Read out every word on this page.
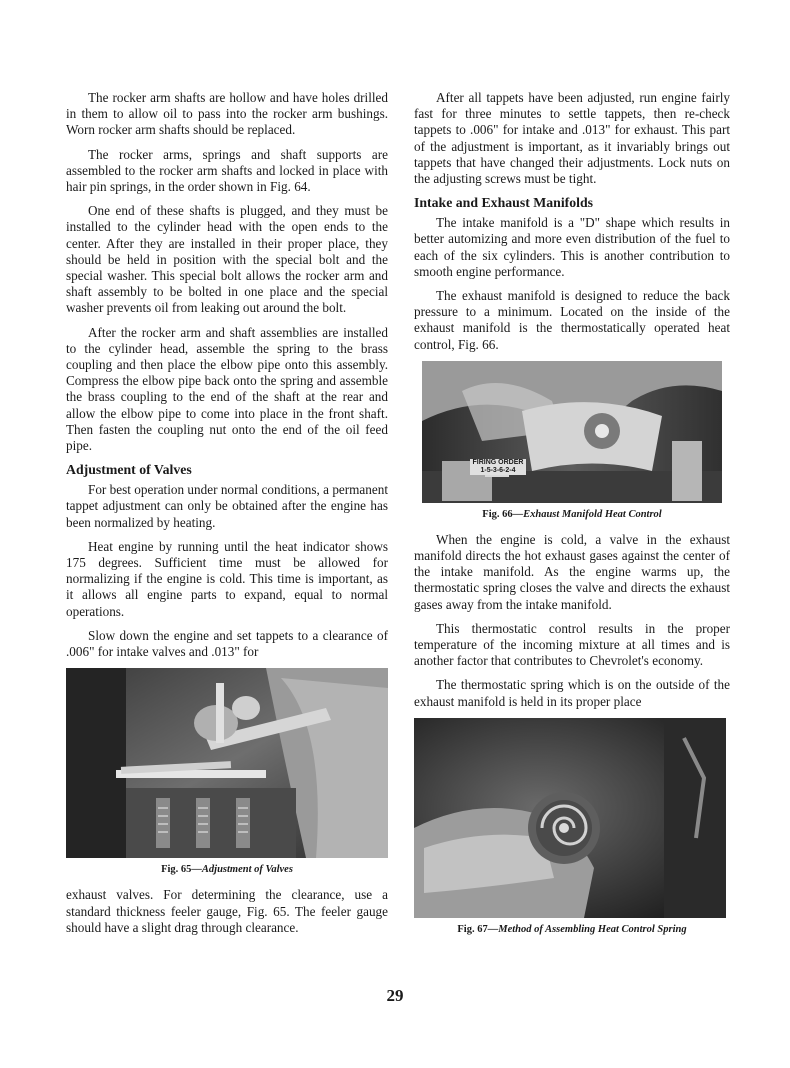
The rocker arm shafts are hollow and have holes drilled in them to allow oil to pass into the rocker arm bushings. Worn rocker arm shafts should be replaced.

The rocker arms, springs and shaft supports are assembled to the rocker arm shafts and locked in place with hair pin springs, in the order shown in Fig. 64.

One end of these shafts is plugged, and they must be installed to the cylinder head with the open ends to the center. After they are installed in their proper place, they should be held in position with the special bolt and the special washer. This special bolt allows the rocker arm and shaft assembly to be bolted in one place and the special washer prevents oil from leaking out around the bolt.

After the rocker arm and shaft assemblies are installed to the cylinder head, assemble the spring to the brass coupling and then place the elbow pipe onto this assembly. Compress the elbow pipe back onto the spring and assemble the brass coupling to the end of the shaft at the rear and allow the elbow pipe to come into place in the front shaft. Then fasten the coupling nut onto the end of the oil feed pipe.

Adjustment of Valves

For best operation under normal conditions, a permanent tappet adjustment can only be obtained after the engine has been normalized by heating.

Heat engine by running until the heat indicator shows 175 degrees. Sufficient time must be allowed for normalizing if the engine is cold. This time is important, as it allows all engine parts to expand, equal to normal operations.

Slow down the engine and set tappets to a clearance of .006" for intake valves and .013" for

Fig. 65—Adjustment of Valves

exhaust valves. For determining the clearance, use a standard thickness feeler gauge, Fig. 65. The feeler gauge should have a slight drag through clearance.

After all tappets have been adjusted, run engine fairly fast for three minutes to settle tappets, then re-check tappets to .006" for intake and .013" for exhaust. This part of the adjustment is important, as it invariably brings out tappets that have changed their adjustments. Lock nuts on the adjusting screws must be tight.

Intake and Exhaust Manifolds

The intake manifold is a "D" shape which results in better automizing and more even distribution of the fuel to each of the six cylinders. This is another contribution to smooth engine performance.

The exhaust manifold is designed to reduce the back pressure to a minimum. Located on the inside of the exhaust manifold is the thermostatically operated heat control, Fig. 66.

FIRING ORDER 1-5-3-6-2-4
Fig. 66—Exhaust Manifold Heat Control

When the engine is cold, a valve in the exhaust manifold directs the hot exhaust gases against the center of the intake manifold. As the engine warms up, the thermostatic spring closes the valve and directs the exhaust gases away from the intake manifold.

This thermostatic control results in the proper temperature of the incoming mixture at all times and is another factor that contributes to Chevrolet's economy.

The thermostatic spring which is on the outside of the exhaust manifold is held in its proper place

Fig. 67—Method of Assembling Heat Control Spring
29
